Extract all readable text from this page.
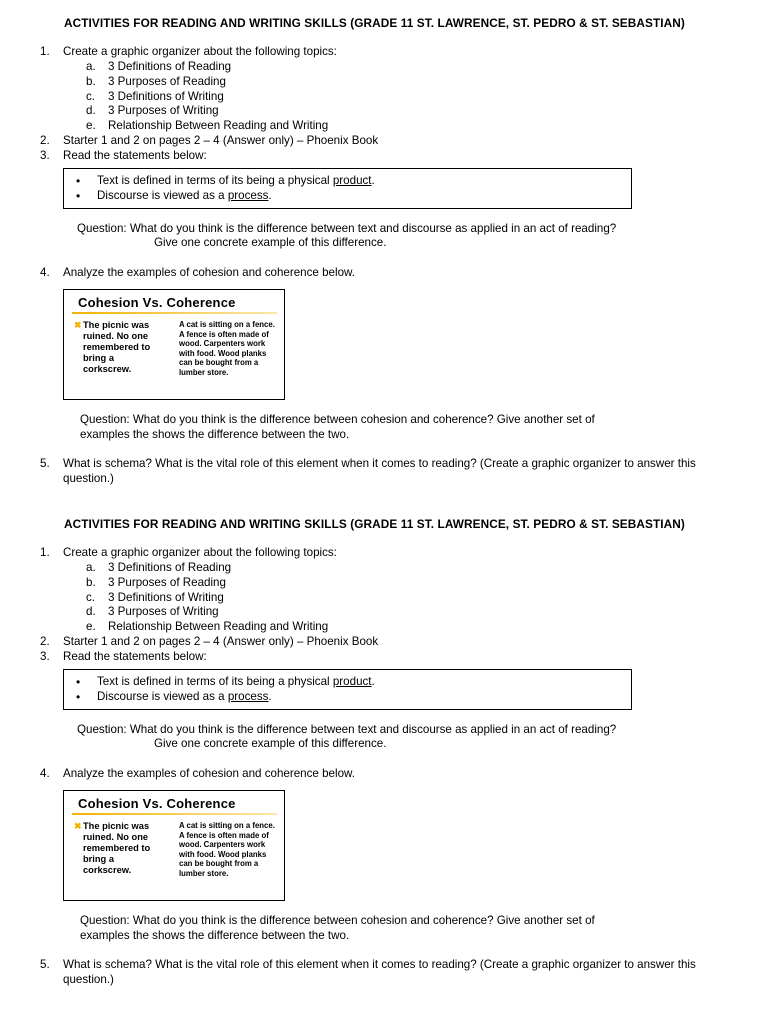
ACTIVITIES FOR READING AND WRITING SKILLS (GRADE 11 ST. LAWRENCE, ST. PEDRO & ST. SEBASTIAN)
1. Create a graphic organizer about the following topics:
a. 3 Definitions of Reading
b. 3 Purposes of Reading
c. 3 Definitions of Writing
d. 3 Purposes of Writing
e. Relationship Between Reading and Writing
2. Starter 1 and 2 on pages 2 – 4 (Answer only) – Phoenix Book
3. Read the statements below:
• Text is defined in terms of its being a physical product.
• Discourse is viewed as a process.
Question: What do you think is the difference between text and discourse as applied in an act of reading?
Give one concrete example of this difference.
4. Analyze the examples of cohesion and coherence below.
Cohesion Vs. Coherence
✖ The picnic was ruined. No one remembered to bring a corkscrew.
A cat is sitting on a fence. A fence is often made of wood. Carpenters work with food. Wood planks can be bought from a lumber store.
Question: What do you think is the difference between cohesion and coherence? Give another set of
examples the shows the difference between the two.
5. What is schema? What is the vital role of this element when it comes to reading? (Create a graphic organizer to answer this
question.)
ACTIVITIES FOR READING AND WRITING SKILLS (GRADE 11 ST. LAWRENCE, ST. PEDRO & ST. SEBASTIAN)
1. Create a graphic organizer about the following topics:
a. 3 Definitions of Reading
b. 3 Purposes of Reading
c. 3 Definitions of Writing
d. 3 Purposes of Writing
e. Relationship Between Reading and Writing
2. Starter 1 and 2 on pages 2 – 4 (Answer only) – Phoenix Book
3. Read the statements below:
• Text is defined in terms of its being a physical product.
• Discourse is viewed as a process.
Question: What do you think is the difference between text and discourse as applied in an act of reading?
Give one concrete example of this difference.
4. Analyze the examples of cohesion and coherence below.
Cohesion Vs. Coherence
✖ The picnic was ruined. No one remembered to bring a corkscrew.
A cat is sitting on a fence. A fence is often made of wood. Carpenters work with food. Wood planks can be bought from a lumber store.
Question: What do you think is the difference between cohesion and coherence? Give another set of
examples the shows the difference between the two.
5. What is schema? What is the vital role of this element when it comes to reading? (Create a graphic organizer to answer this
question.)
